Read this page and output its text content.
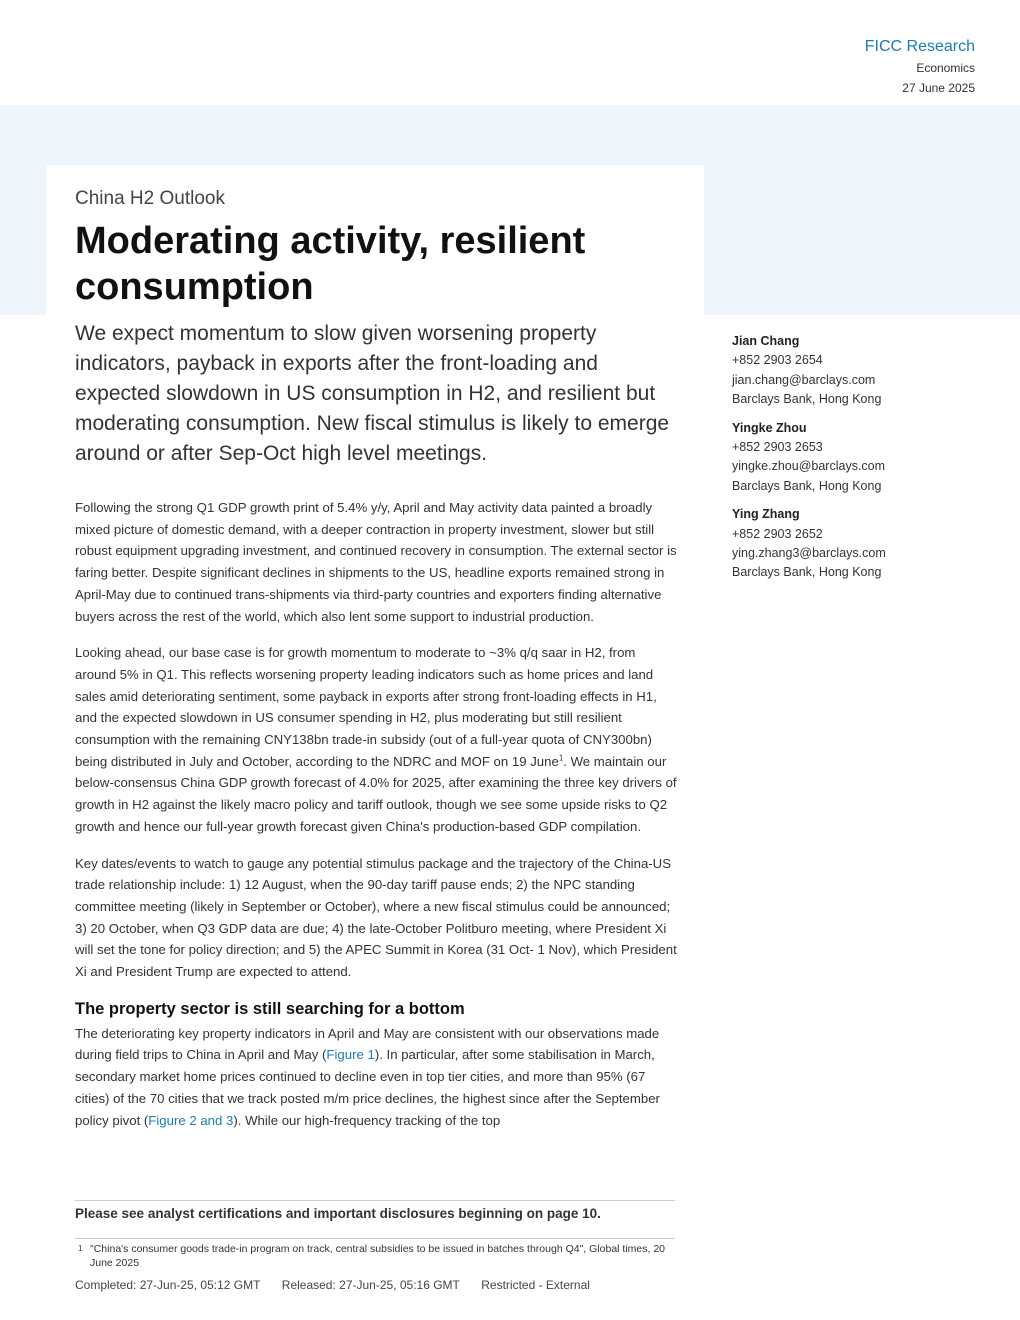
FICC Research
Economics
27 June 2025
China H2 Outlook
Moderating activity, resilient consumption
We expect momentum to slow given worsening property indicators, payback in exports after the front-loading and expected slowdown in US consumption in H2, and resilient but moderating consumption. New fiscal stimulus is likely to emerge around or after Sep-Oct high level meetings.

Following the strong Q1 GDP growth print of 5.4% y/y, April and May activity data painted a broadly mixed picture of domestic demand, with a deeper contraction in property investment, slower but still robust equipment upgrading investment, and continued recovery in consumption. The external sector is faring better. Despite significant declines in shipments to the US, headline exports remained strong in April-May due to continued trans-shipments via third-party countries and exporters finding alternative buyers across the rest of the world, which also lent some support to industrial production.

Looking ahead, our base case is for growth momentum to moderate to ~3% q/q saar in H2, from around 5% in Q1. This reflects worsening property leading indicators such as home prices and land sales amid deteriorating sentiment, some payback in exports after strong front-loading effects in H1, and the expected slowdown in US consumer spending in H2, plus moderating but still resilient consumption with the remaining CNY138bn trade-in subsidy (out of a full-year quota of CNY300bn) being distributed in July and October, according to the NDRC and MOF on 19 June$^1$. We maintain our below-consensus China GDP growth forecast of 4.0% for 2025, after examining the three key drivers of growth in H2 against the likely macro policy and tariff outlook, though we see some upside risks to Q2 growth and hence our full-year growth forecast given China's production-based GDP compilation.

Key dates/events to watch to gauge any potential stimulus package and the trajectory of the China-US trade relationship include: 1) 12 August, when the 90-day tariff pause ends; 2) the NPC standing committee meeting (likely in September or October), where a new fiscal stimulus could be announced; 3) 20 October, when Q3 GDP data are due; 4) the late-October Politburo meeting, where President Xi will set the tone for policy direction; and 5) the APEC Summit in Korea (31 Oct- 1 Nov), which President Xi and President Trump are expected to attend.

The property sector is still searching for a bottom

The deteriorating key property indicators in April and May are consistent with our observations made during field trips to China in April and May (Figure 1). In particular, after some stabilisation in March, secondary market home prices continued to decline even in top tier cities, and more than 95% (67 cities) of the 70 cities that we track posted m/m price declines, the highest since after the September policy pivot (Figure 2 and 3). While our high-frequency tracking of the top

Jian Chang
+852 2903 2654
jian.chang@barclays.com
Barclays Bank, Hong Kong
Yingke Zhou
+852 2903 2653
yingke.zhou@barclays.com
Barclays Bank, Hong Kong
Ying Zhang
+852 2903 2652
ying.zhang3@barclays.com
Barclays Bank, Hong Kong
Please see analyst certifications and important disclosures beginning on page 10.
1 "China's consumer goods trade-in program on track, central subsidies to be issued in batches through Q4", Global times, 20 June 2025
Completed: 27-Jun-25, 05:12 GMT Released: 27-Jun-25, 05:16 GMT Restricted - External
